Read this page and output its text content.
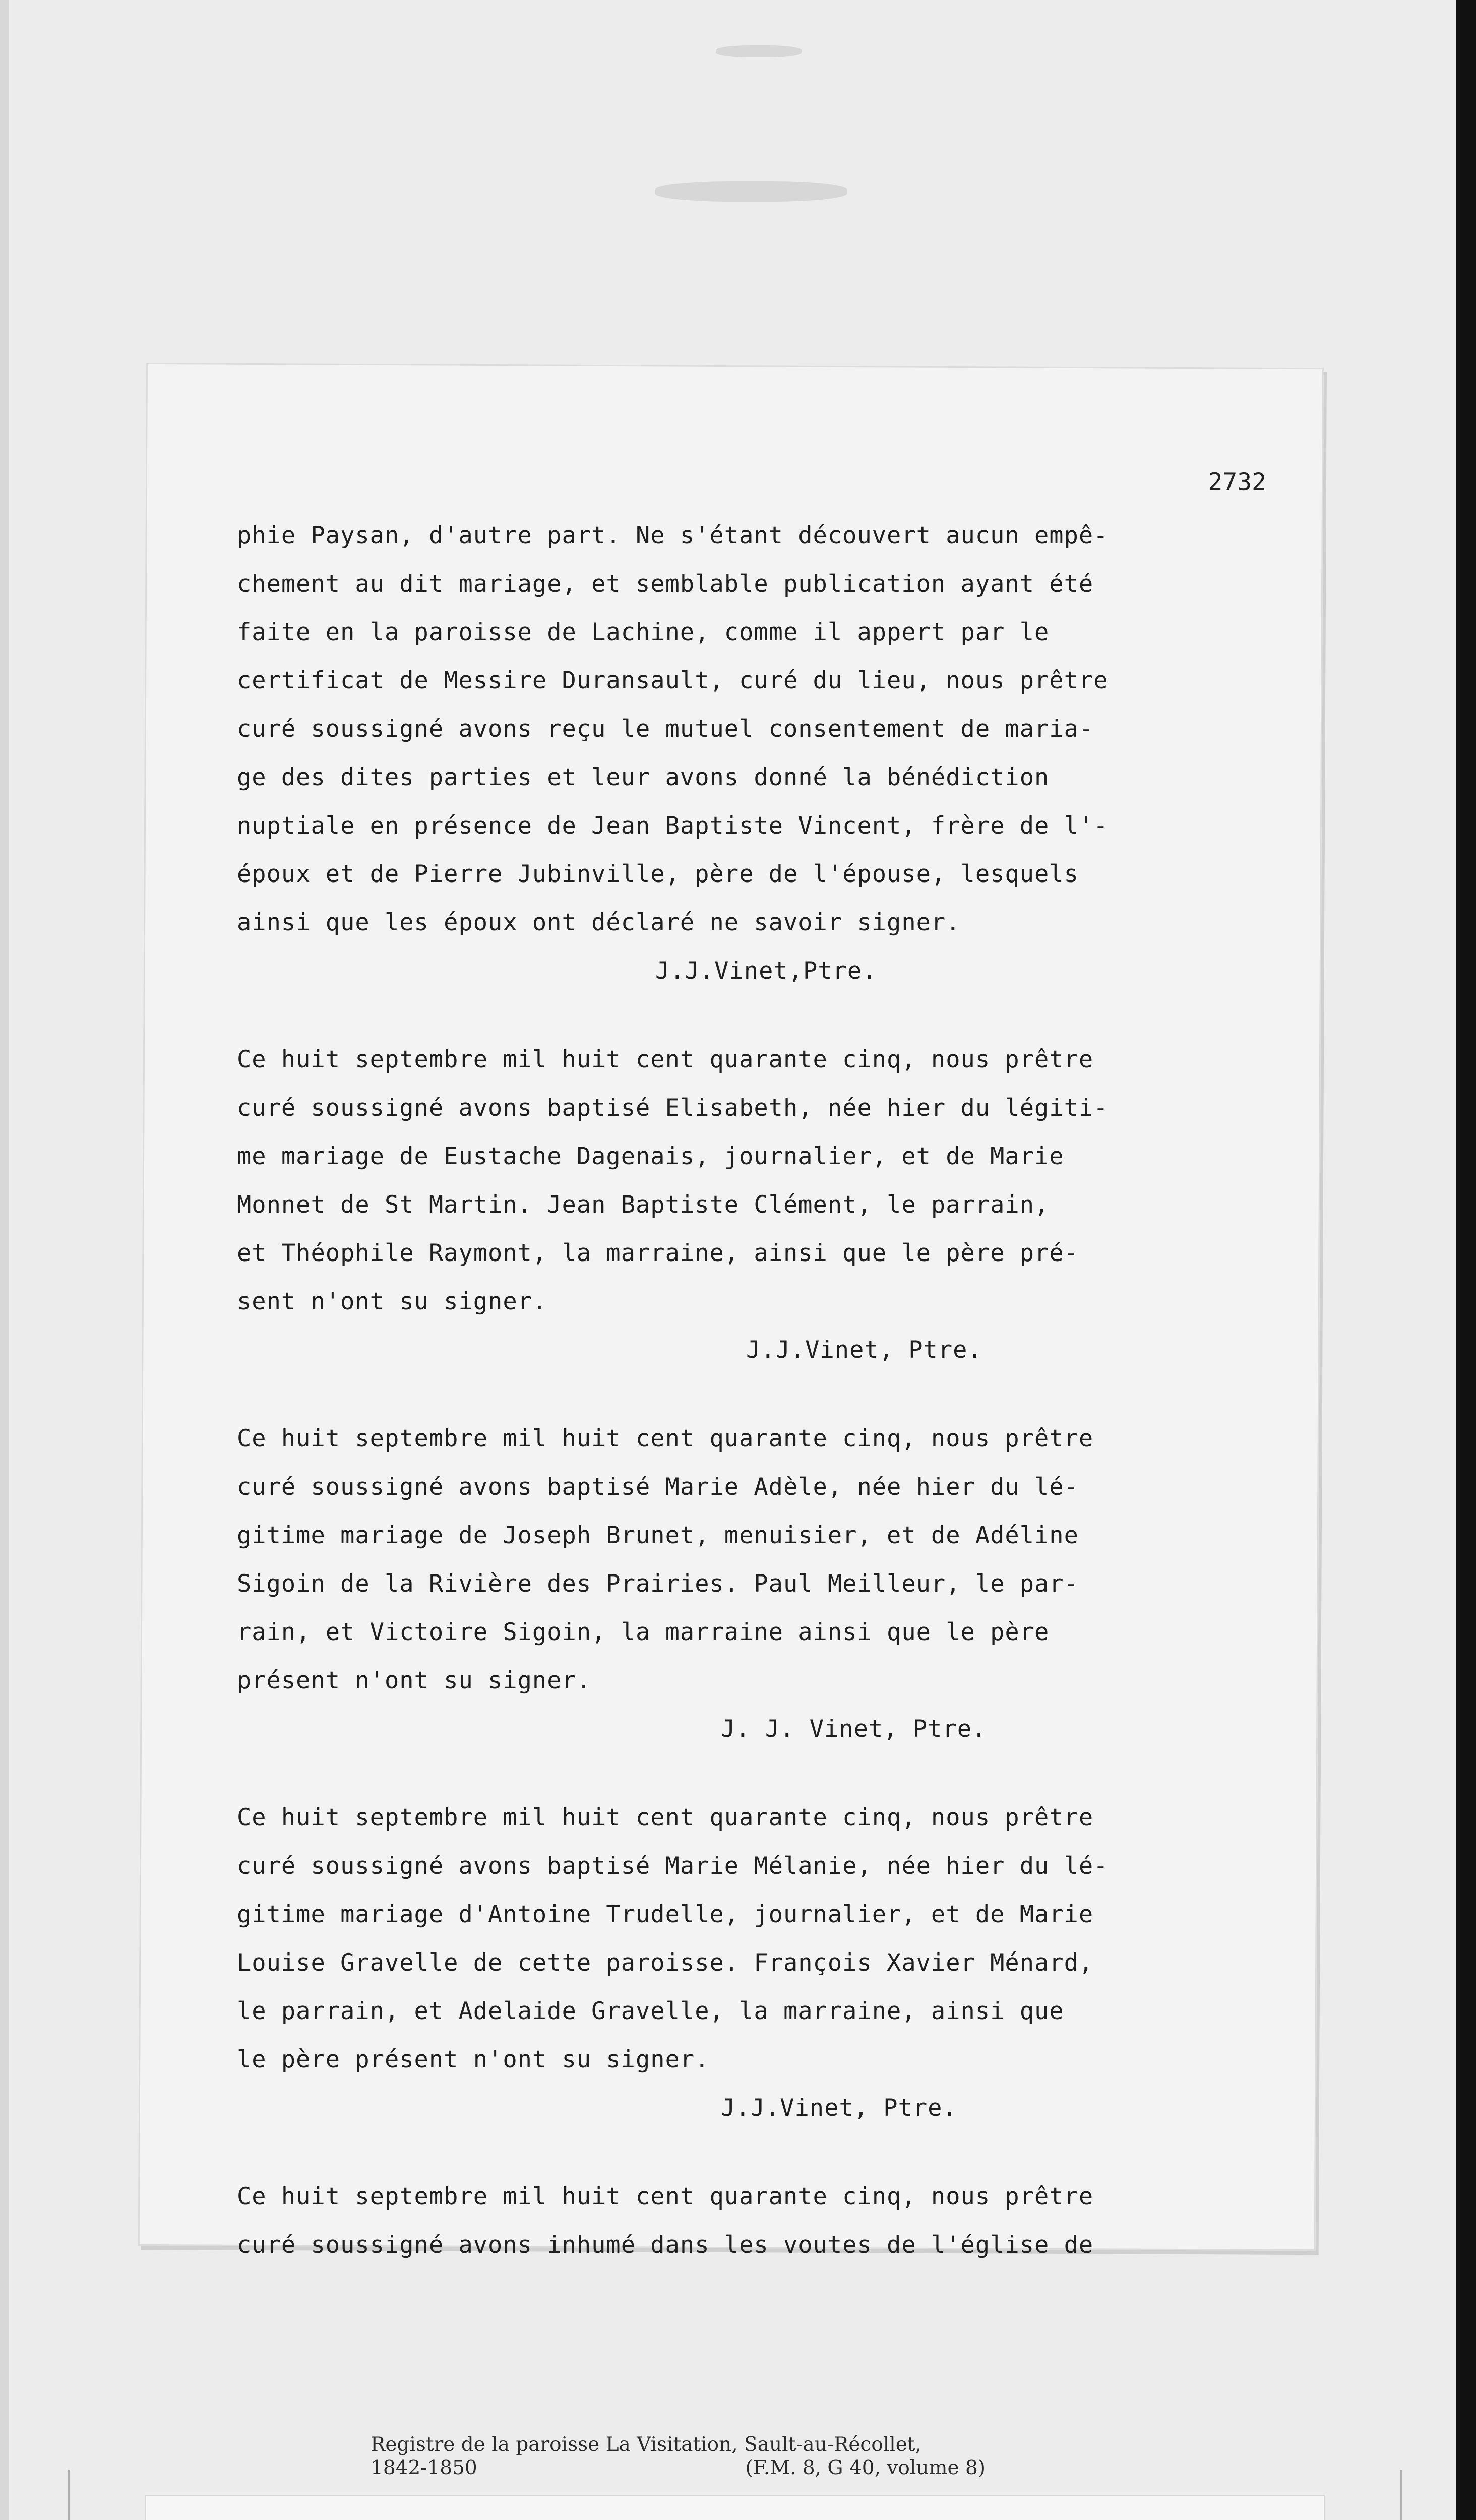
2732
phie Paysan, d'autre part. Ne s'étant découvert aucun empê-
chement au dit mariage, et semblable publication ayant été
faite en la paroisse de Lachine, comme il appert par le
certificat de Messire Duransault, curé du lieu, nous prêtre
curé soussigné avons reçu le mutuel consentement de maria-
ge des dites parties et leur avons donné la bénédiction
nuptiale en présence de Jean Baptiste Vincent, frère de l'-
époux et de Pierre Jubinville, père de l'épouse, lesquels
ainsi que les époux ont déclaré ne savoir signer.
J.J.Vinet,Ptre.
Ce huit septembre mil huit cent quarante cinq, nous prêtre
curé soussigné avons baptisé Elisabeth, née hier du légiti-
me mariage de Eustache Dagenais, journalier, et de Marie
Monnet de St Martin. Jean Baptiste Clément, le parrain,
et Théophile Raymont, la marraine, ainsi que le père pré-
sent n'ont su signer.
J.J.Vinet, Ptre.
Ce huit septembre mil huit cent quarante cinq, nous prêtre
curé soussigné avons baptisé Marie Adèle, née hier du lé-
gitime mariage de Joseph Brunet, menuisier, et de Adéline
Sigoin de la Rivière des Prairies. Paul Meilleur, le par-
rain, et Victoire Sigoin, la marraine ainsi que le père
présent n'ont su signer.
J. J. Vinet, Ptre.
Ce huit septembre mil huit cent quarante cinq, nous prêtre
curé soussigné avons baptisé Marie Mélanie, née hier du lé-
gitime mariage d'Antoine Trudelle, journalier, et de Marie
Louise Gravelle de cette paroisse. François Xavier Ménard,
le parrain, et Adelaide Gravelle, la marraine, ainsi que
le père présent n'ont su signer.
J.J.Vinet, Ptre.
Ce huit septembre mil huit cent quarante cinq, nous prêtre
curé soussigné avons inhumé dans les voutes de l'église de
Registre de la paroisse La Visitation, Sault-au-Récollet,
1842-1850	(F.M. 8, G 40, volume 8)
